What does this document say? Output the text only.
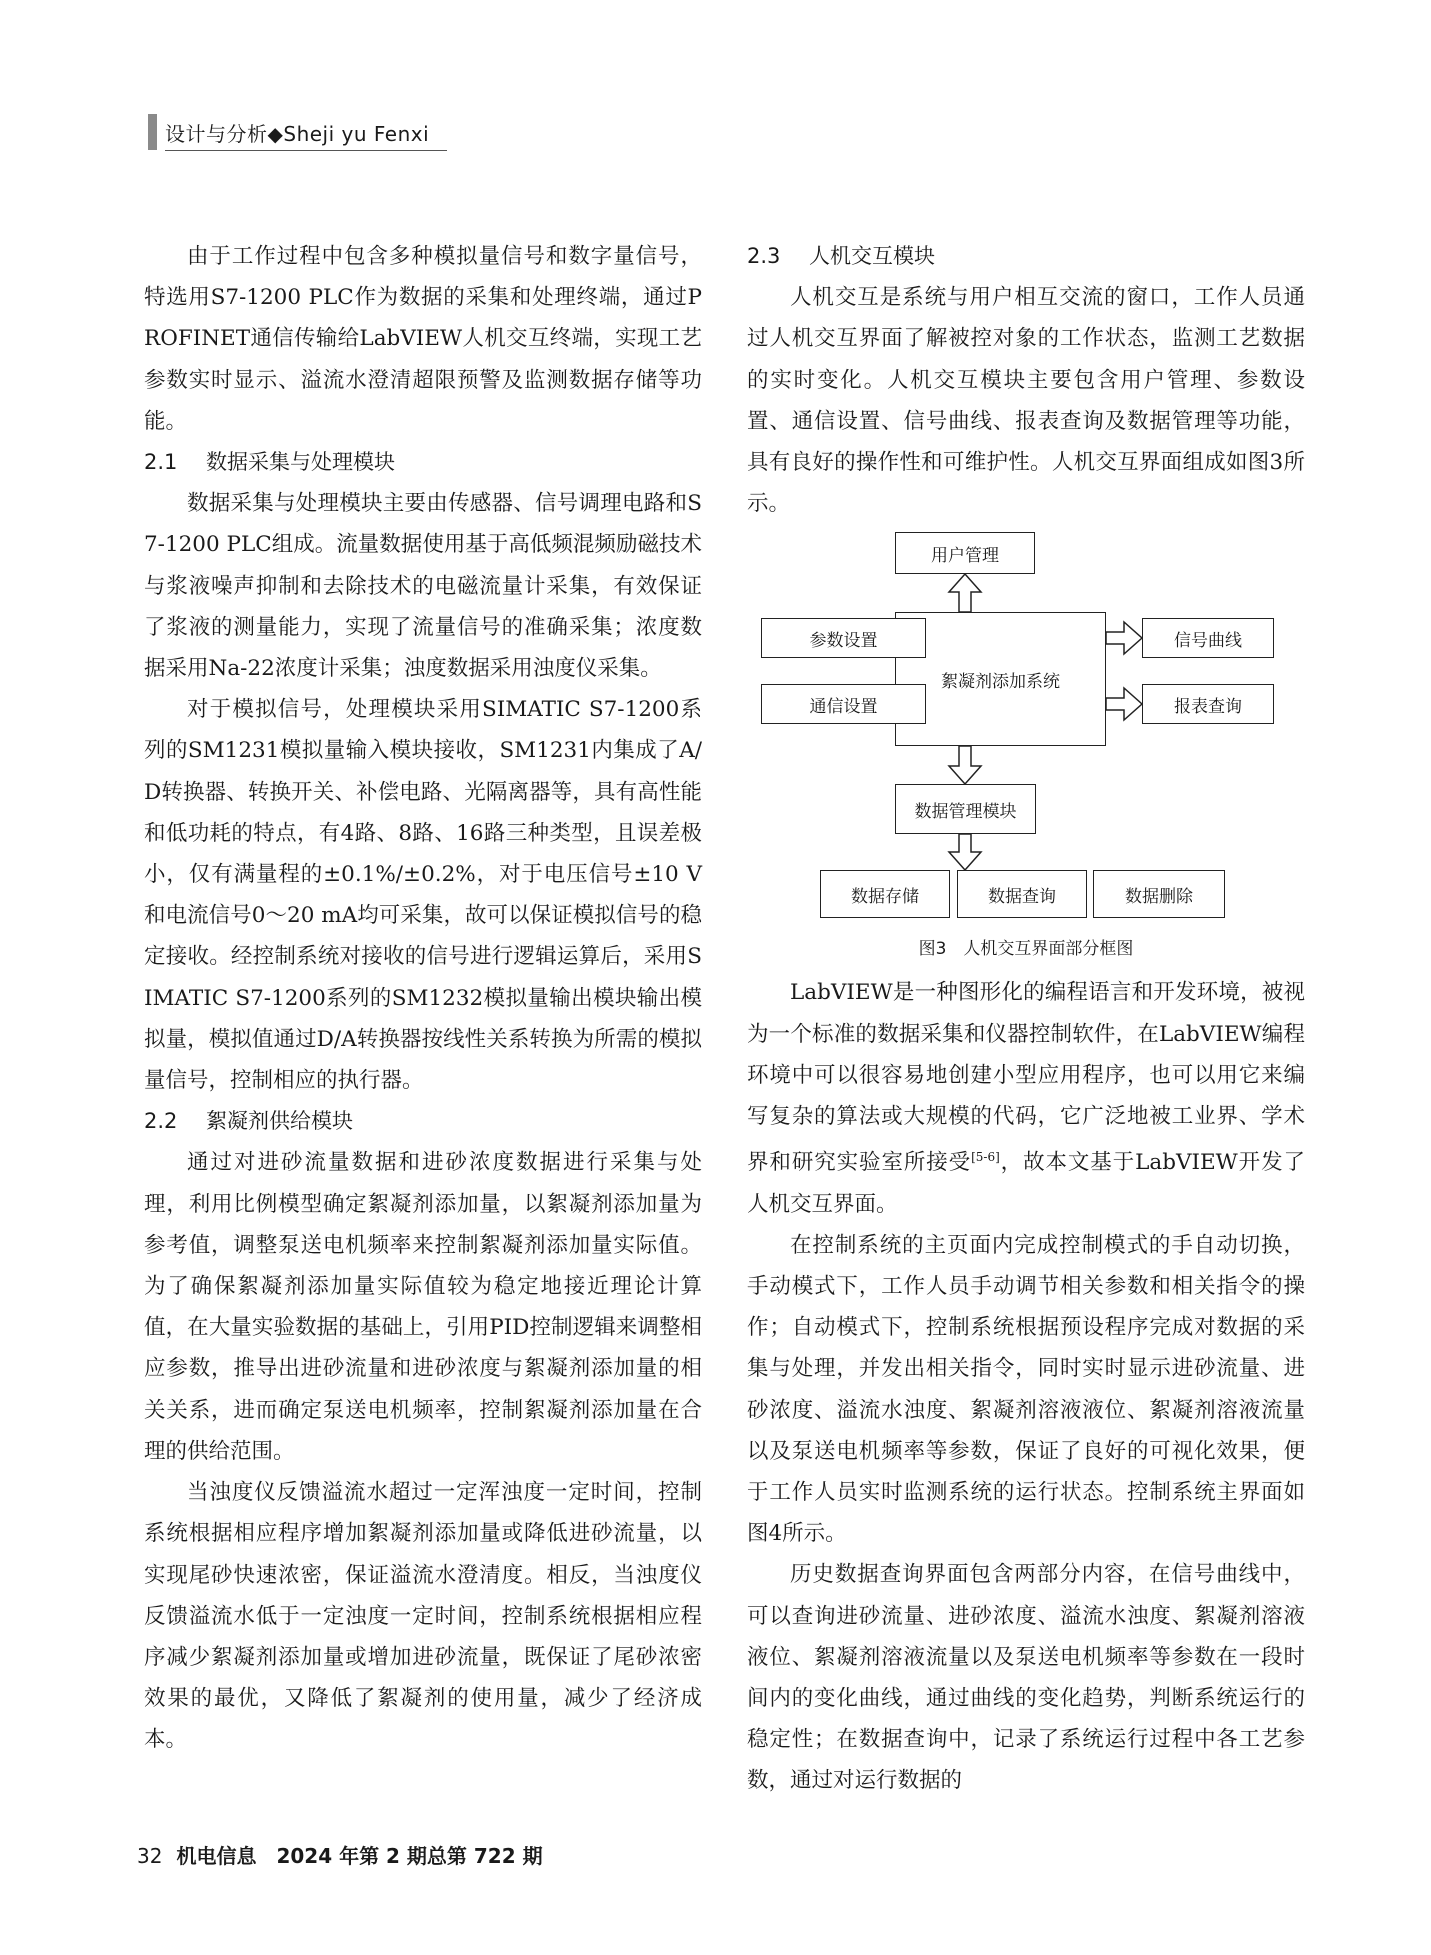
设计与分析◆Sheji yu Fenxi

由于工作过程中包含多种模拟量信号和数字量信号，特选用S7-1200 PLC作为数据的采集和处理终端，通过PROFINET通信传输给LabVIEW人机交互终端，实现工艺参数实时显示、溢流水澄清超限预警及监测数据存储等功能。

2.1 数据采集与处理模块

数据采集与处理模块主要由传感器、信号调理电路和S7-1200 PLC组成。流量数据使用基于高低频混频励磁技术与浆液噪声抑制和去除技术的电磁流量计采集，有效保证了浆液的测量能力，实现了流量信号的准确采集；浓度数据采用Na-22浓度计采集；浊度数据采用浊度仪采集。

对于模拟信号，处理模块采用SIMATIC S7-1200系列的SM1231模拟量输入模块接收，SM1231内集成了A/D转换器、转换开关、补偿电路、光隔离器等，具有高性能和低功耗的特点，有4路、8路、16路三种类型，且误差极小，仅有满量程的±0.1%/±0.2%，对于电压信号±10 V和电流信号0～20 mA均可采集，故可以保证模拟信号的稳定接收。经控制系统对接收的信号进行逻辑运算后，采用SIMATIC S7-1200系列的SM1232模拟量输出模块输出模拟量，模拟值通过D/A转换器按线性关系转换为所需的模拟量信号，控制相应的执行器。

2.2 絮凝剂供给模块

通过对进砂流量数据和进砂浓度数据进行采集与处理，利用比例模型确定絮凝剂添加量，以絮凝剂添加量为参考值，调整泵送电机频率来控制絮凝剂添加量实际值。为了确保絮凝剂添加量实际值较为稳定地接近理论计算值，在大量实验数据的基础上，引用PID控制逻辑来调整相应参数，推导出进砂流量和进砂浓度与絮凝剂添加量的相关关系，进而确定泵送电机频率，控制絮凝剂添加量在合理的供给范围。

当浊度仪反馈溢流水超过一定浑浊度一定时间，控制系统根据相应程序增加絮凝剂添加量或降低进砂流量，以实现尾砂快速浓密，保证溢流水澄清度。相反，当浊度仪反馈溢流水低于一定浊度一定时间，控制系统根据相应程序减少絮凝剂添加量或增加进砂流量，既保证了尾砂浓密效果的最优，又降低了絮凝剂的使用量，减少了经济成本。

2.3 人机交互模块

人机交互是系统与用户相互交流的窗口，工作人员通过人机交互界面了解被控对象的工作状态，监测工艺数据的实时变化。人机交互模块主要包含用户管理、参数设置、通信设置、信号曲线、报表查询及数据管理等功能，具有良好的操作性和可维护性。人机交互界面组成如图3所示。

用户管理
絮凝剂添加系统
参数设置
通信设置
信号曲线
报表查询
数据管理模块
数据存储	数据查询	数据删除
图3　人机交互界面部分框图

LabVIEW是一种图形化的编程语言和开发环境，被视为一个标准的数据采集和仪器控制软件，在LabVIEW编程环境中可以很容易地创建小型应用程序，也可以用它来编写复杂的算法或大规模的代码，它广泛地被工业界、学术界和研究实验室所接受[5-6]，故本文基于LabVIEW开发了人机交互界面。

在控制系统的主页面内完成控制模式的手自动切换，手动模式下，工作人员手动调节相关参数和相关指令的操作；自动模式下，控制系统根据预设程序完成对数据的采集与处理，并发出相关指令，同时实时显示进砂流量、进砂浓度、溢流水浊度、絮凝剂溶液液位、絮凝剂溶液流量以及泵送电机频率等参数，保证了良好的可视化效果，便于工作人员实时监测系统的运行状态。控制系统主界面如图4所示。

历史数据查询界面包含两部分内容，在信号曲线中，可以查询进砂流量、进砂浓度、溢流水浊度、絮凝剂溶液液位、絮凝剂溶液流量以及泵送电机频率等参数在一段时间内的变化曲线，通过曲线的变化趋势，判断系统运行的稳定性；在数据查询中，记录了系统运行过程中各工艺参数，通过对运行数据的

32 机电信息　2024 年第 2 期总第 722 期
